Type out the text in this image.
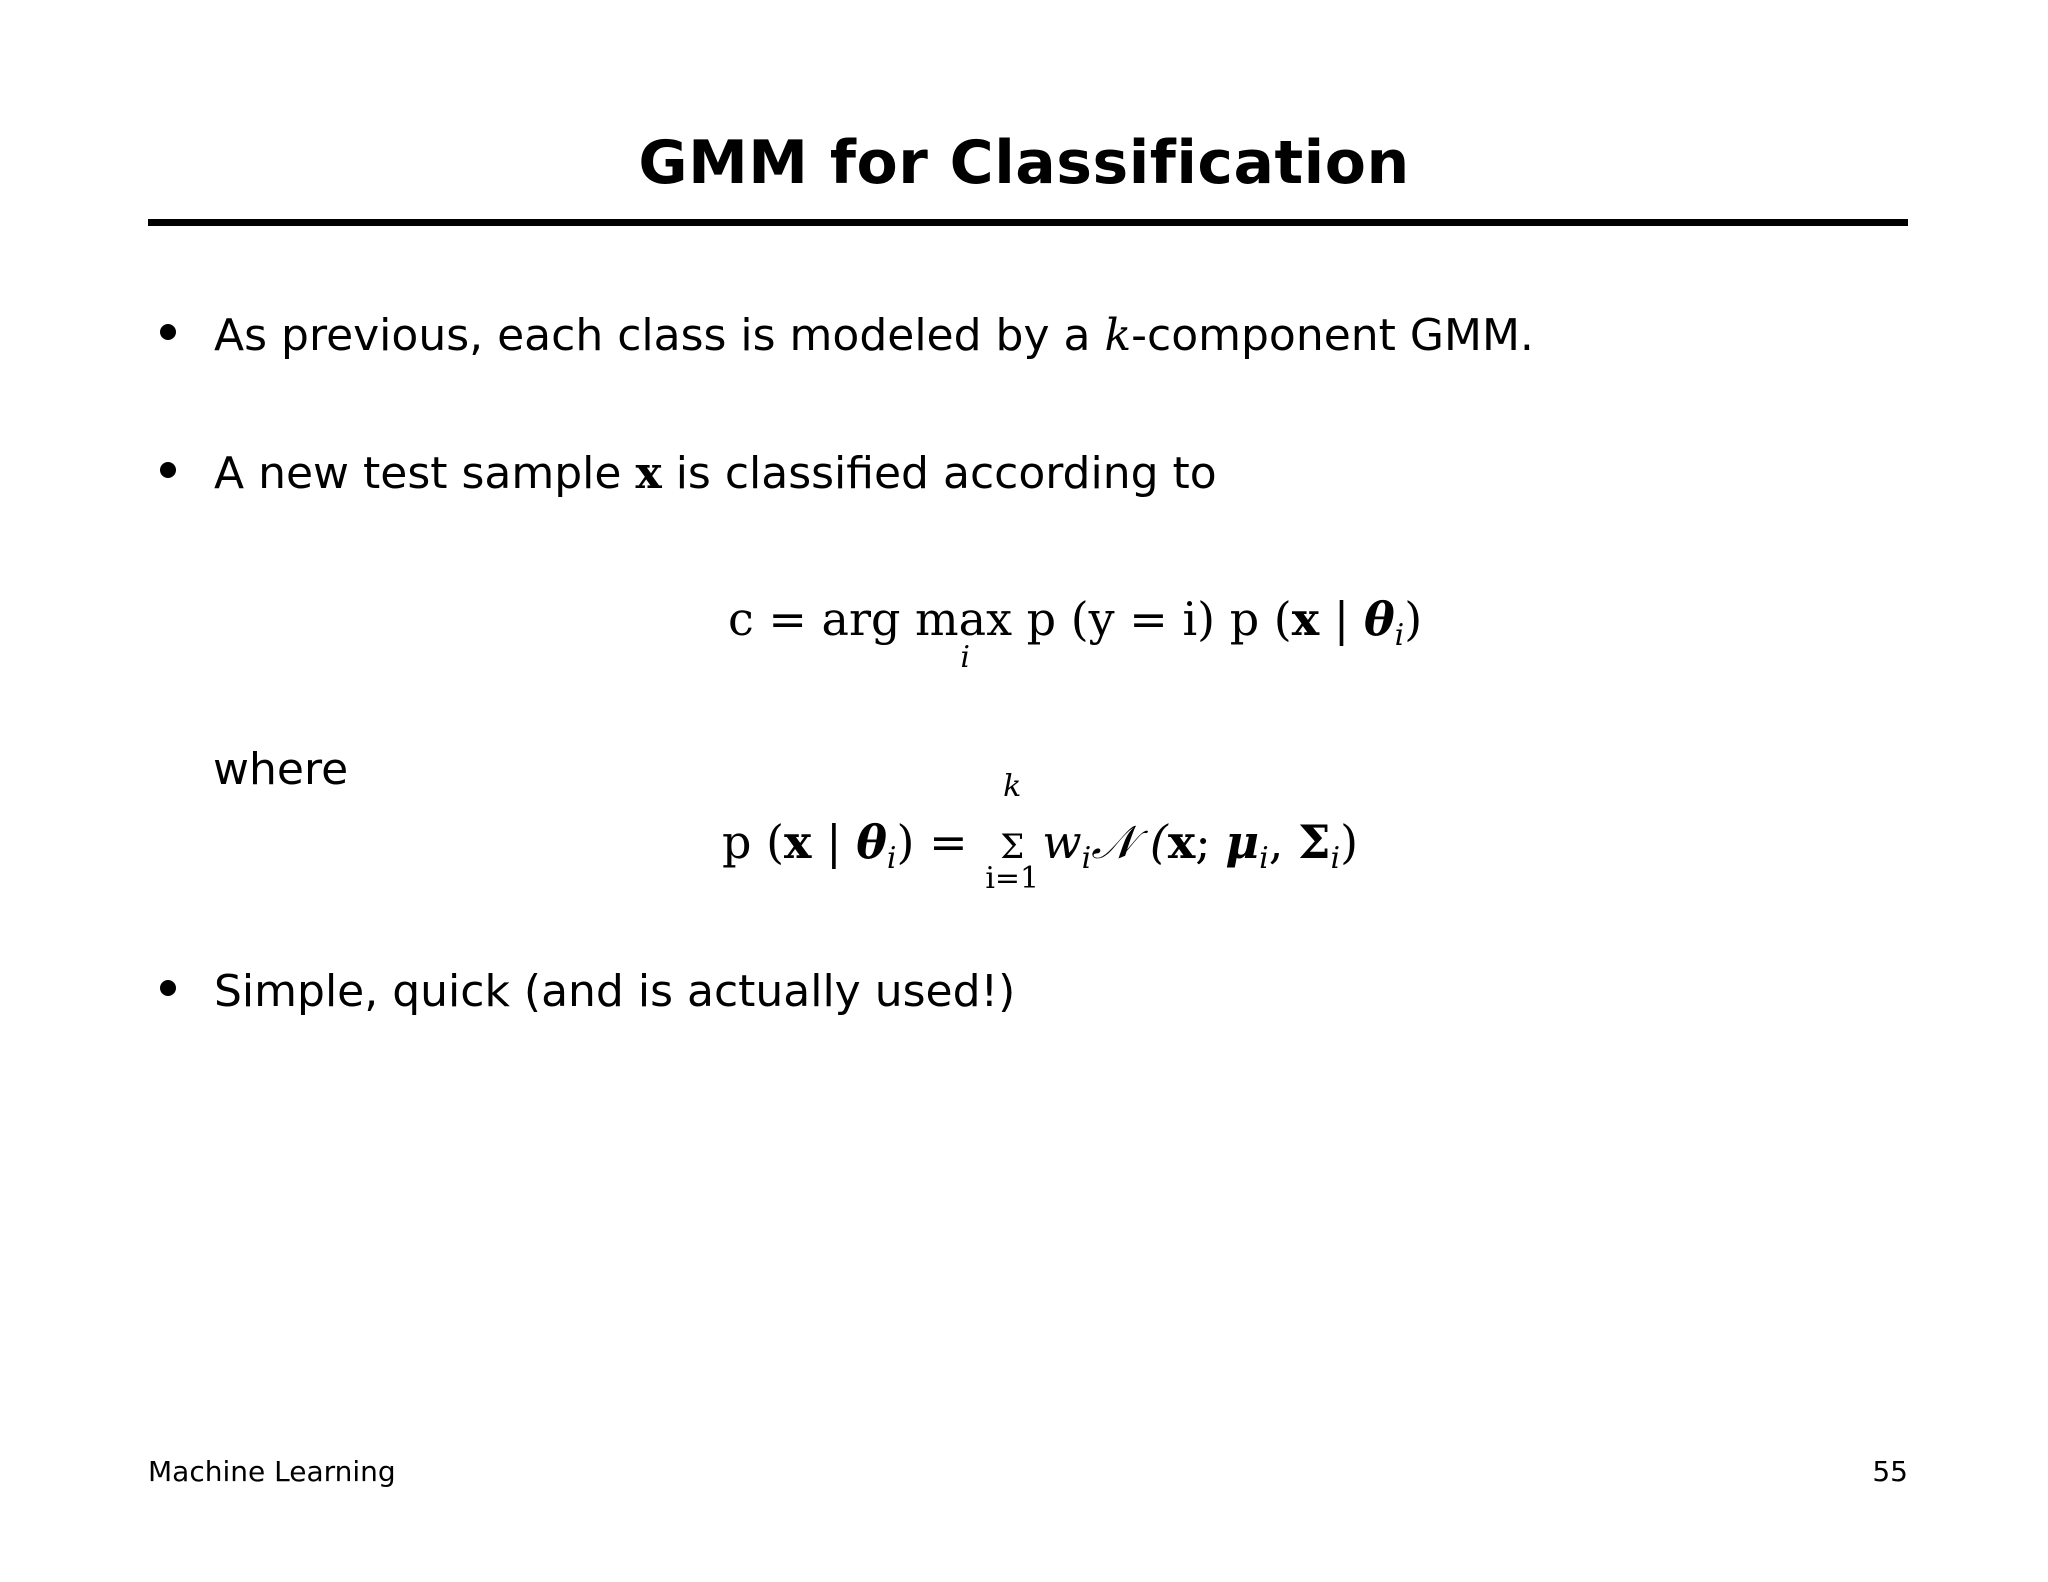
GMM for Classification
As previous, each class is modeled by a k-component GMM.
A new test sample x is classified according to
c = arg max
i
p (y = i) p (x | $\theta_i$)
where
p (x | $\theta_i$) =
k
Σ
i=1
$w_i𝒩$ (x; $\mu_i$, $\Sigma_i$)
Simple, quick (and is actually used!)
Machine Learning	55
